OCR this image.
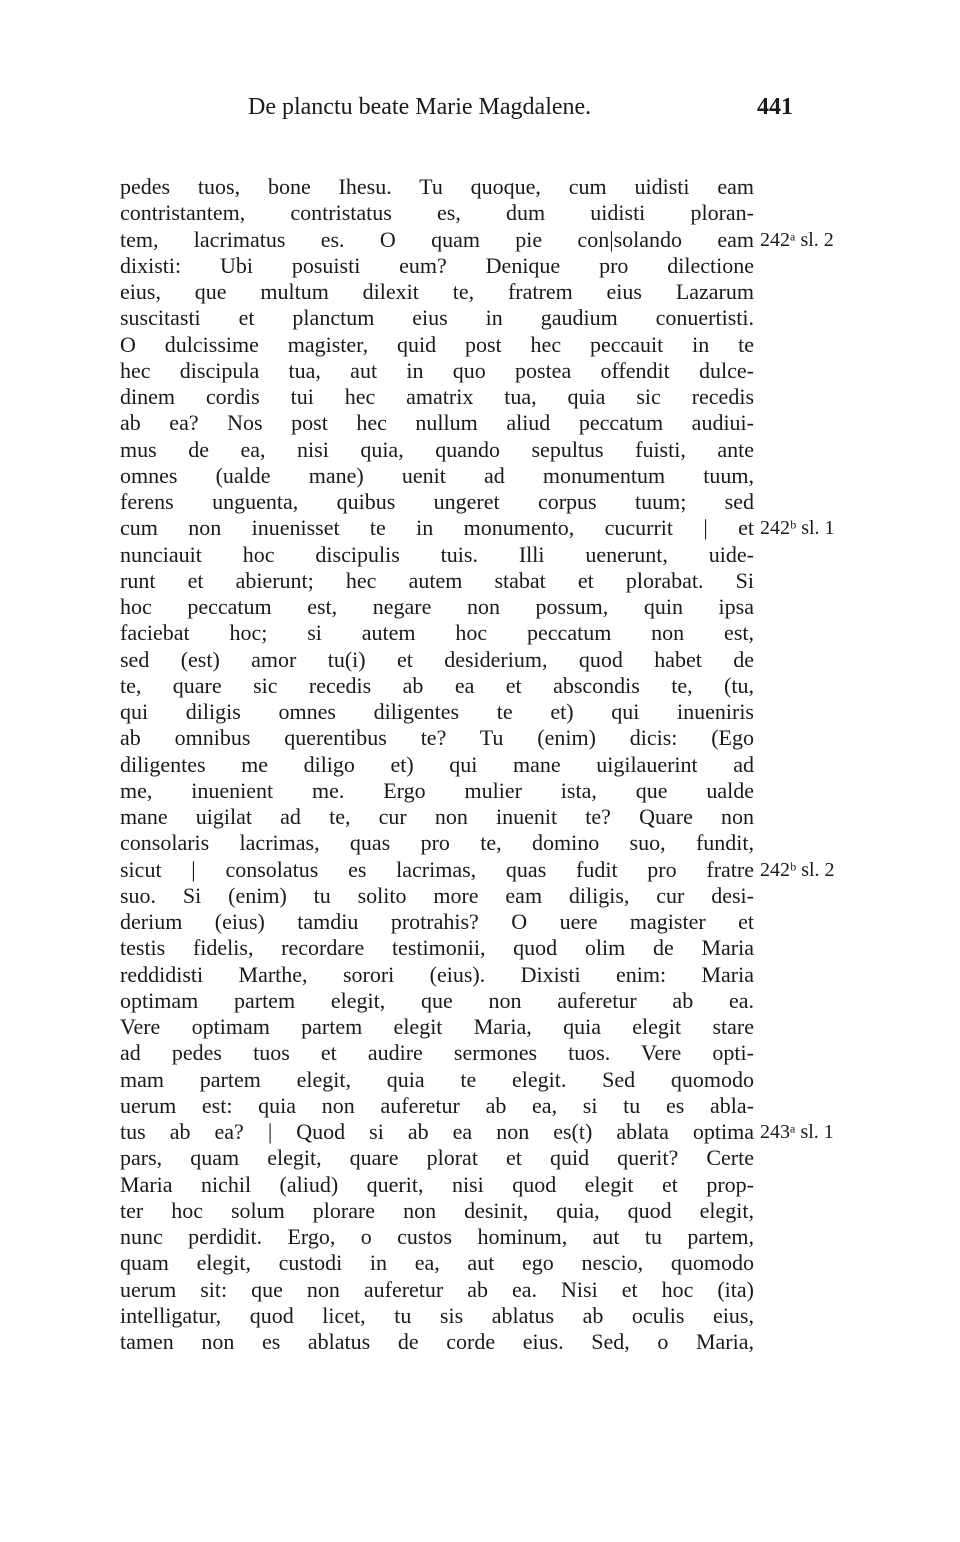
De planctu beate Marie Magdalene.	441
pedes tuos, bone Ihesu. Tu quoque, cum uidisti eam
contristantem, contristatus es, dum uidisti ploran-
tem, lacrimatus es. O quam pie con|solando eam
dixisti: Ubi posuisti eum? Denique pro dilectione
eius, que multum dilexit te, fratrem eius Lazarum
suscitasti et planctum eius in gaudium conuertisti.
O dulcissime magister, quid post hec peccauit in te
hec discipula tua, aut in quo postea offendit dulce-
dinem cordis tui hec amatrix tua, quia sic recedis
ab ea? Nos post hec nullum aliud peccatum audiui-
mus de ea, nisi quia, quando sepultus fuisti, ante
omnes (ualde mane) uenit ad monumentum tuum,
ferens unguenta, quibus ungeret corpus tuum; sed
cum non inuenisset te in monumento, cucurrit | et
nunciauit hoc discipulis tuis. Illi uenerunt, uide-
runt et abierunt; hec autem stabat et plorabat. Si
hoc peccatum est, negare non possum, quin ipsa
faciebat hoc; si autem hoc peccatum non est,
sed (est) amor tu(i) et desiderium, quod habet de
te, quare sic recedis ab ea et abscondis te, (tu,
qui diligis omnes diligentes te et) qui inueniris
ab omnibus querentibus te? Tu (enim) dicis: (Ego
diligentes me diligo et) qui mane uigilauerint ad
me, inuenient me. Ergo mulier ista, que ualde
mane uigilat ad te, cur non inuenit te? Quare non
consolaris lacrimas, quas pro te, domino suo, fundit,
sicut | consolatus es lacrimas, quas fudit pro fratre
suo. Si (enim) tu solito more eam diligis, cur desi-
derium (eius) tamdiu protrahis? O uere magister et
testis fidelis, recordare testimonii, quod olim de Maria
reddidisti Marthe, sorori (eius). Dixisti enim: Maria
optimam partem elegit, que non auferetur ab ea.
Vere optimam partem elegit Maria, quia elegit stare
ad pedes tuos et audire sermones tuos. Vere opti-
mam partem elegit, quia te elegit. Sed quomodo
uerum est: quia non auferetur ab ea, si tu es abla-
tus ab ea? | Quod si ab ea non es(t) ablata optima
pars, quam elegit, quare plorat et quid querit? Certe
Maria nichil (aliud) querit, nisi quod elegit et prop-
ter hoc solum plorare non desinit, quia, quod elegit,
nunc perdidit. Ergo, o custos hominum, aut tu partem,
quam elegit, custodi in ea, aut ego nescio, quomodo
uerum sit: que non auferetur ab ea. Nisi et hoc (ita)
intelligatur, quod licet, tu sis ablatus ab oculis eius,
tamen non es ablatus de corde eius. Sed, o Maria,
242ᵃ sl. 2
242ᵇ sl. 1
242ᵇ sl. 2
243ᵃ sl. 1
